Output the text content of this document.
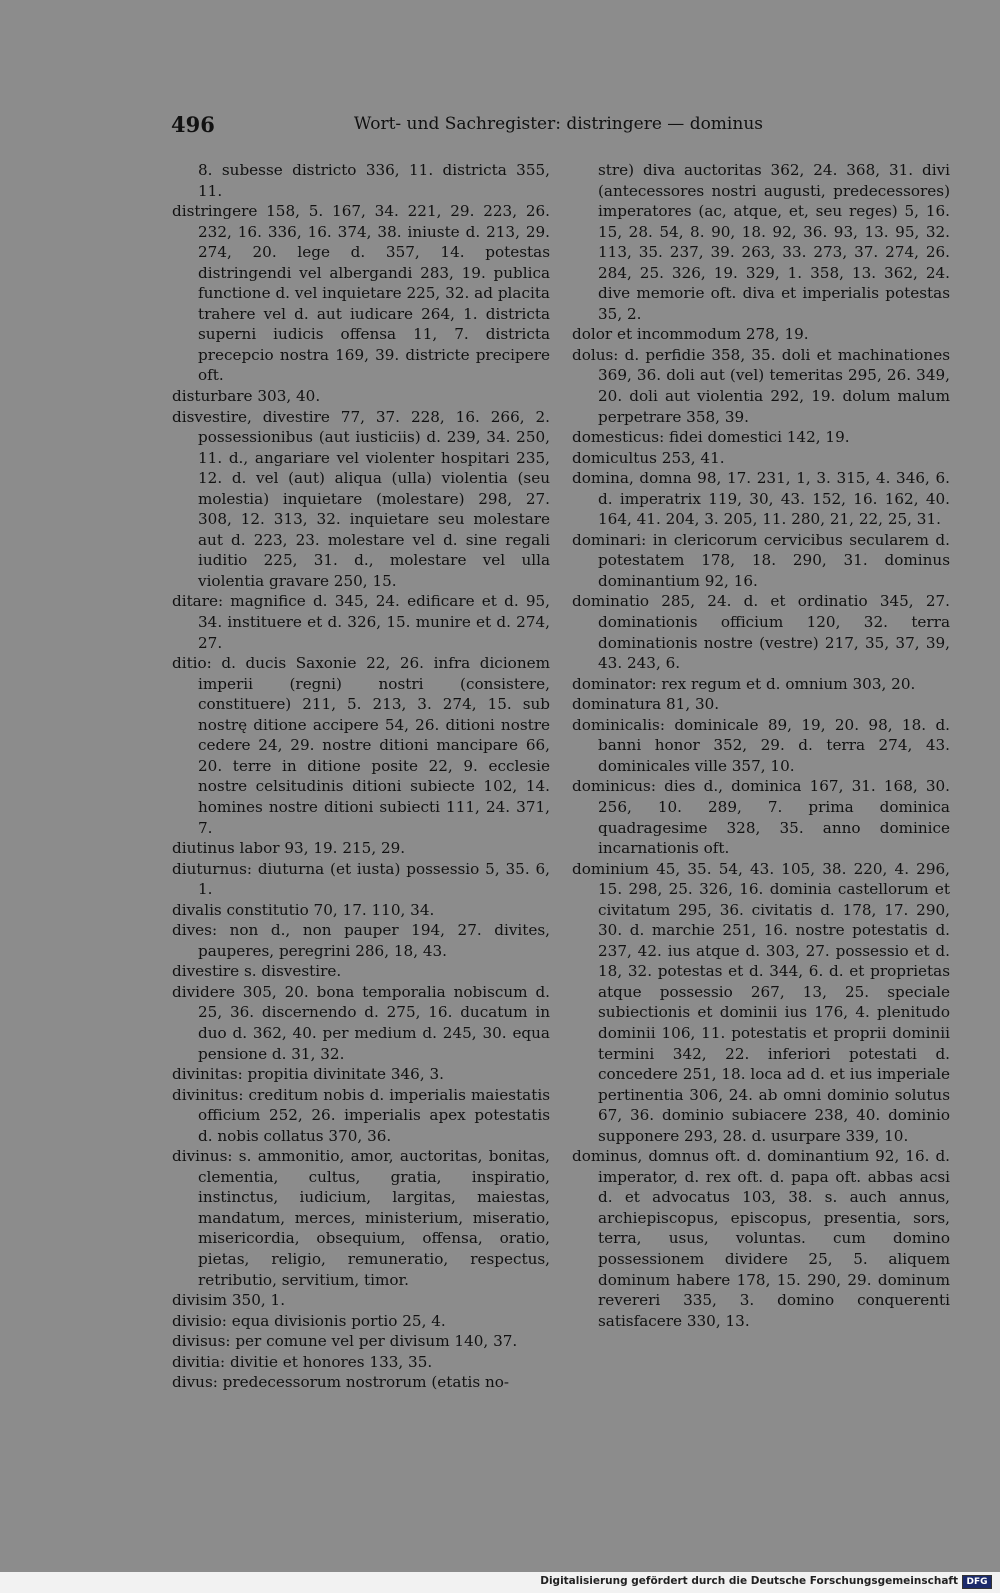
496	Wort- und Sachregister: distringere — dominus

8. subesse districto 336, 11. districta 355, 11.

distringere 158, 5. 167, 34. 221, 29. 223, 26. 232, 16. 336, 16. 374, 38. iniuste d. 213, 29. 274, 20. lege d. 357, 14. potestas distringendi vel albergandi 283, 19. publica functione d. vel inquietare 225, 32. ad placita trahere vel d. aut iudicare 264, 1. districta superni iudicis offensa 11, 7. districta precepcio nostra 169, 39. districte precipere oft.

disturbare 303, 40.

disvestire, divestire 77, 37. 228, 16. 266, 2. possessionibus (aut iusticiis) d. 239, 34. 250, 11. d., angariare vel violenter hospitari 235, 12. d. vel (aut) aliqua (ulla) violentia (seu molestia) inquietare (molestare) 298, 27. 308, 12. 313, 32. inquietare seu molestare aut d. 223, 23. molestare vel d. sine regali iuditio 225, 31. d., molestare vel ulla violentia gravare 250, 15.

ditare: magnifice d. 345, 24. edificare et d. 95, 34. instituere et d. 326, 15. munire et d. 274, 27.

ditio: d. ducis Saxonie 22, 26. infra dicionem imperii (regni) nostri (consistere, constituere) 211, 5. 213, 3. 274, 15. sub nostrę ditione accipere 54, 26. ditioni nostre cedere 24, 29. nostre ditioni mancipare 66, 20. terre in ditione posite 22, 9. ecclesie nostre celsitudinis ditioni subiecte 102, 14. homines nostre ditioni subiecti 111, 24. 371, 7.

diutinus labor 93, 19. 215, 29.

diuturnus: diuturna (et iusta) possessio 5, 35. 6, 1.

divalis constitutio 70, 17. 110, 34.

dives: non d., non pauper 194, 27. divites, pauperes, peregrini 286, 18, 43.

divestire s. disvestire.

dividere 305, 20. bona temporalia nobiscum d. 25, 36. discernendo d. 275, 16. ducatum in duo d. 362, 40. per medium d. 245, 30. equa pensione d. 31, 32.

divinitas: propitia divinitate 346, 3.

divinitus: creditum nobis d. imperialis maiestatis officium 252, 26. imperialis apex potestatis d. nobis collatus 370, 36.

divinus: s. ammonitio, amor, auctoritas, bonitas, clementia, cultus, gratia, inspiratio, instinctus, iudicium, largitas, maiestas, mandatum, merces, ministerium, miseratio, misericordia, obsequium, offensa, oratio, pietas, religio, remuneratio, respectus, retributio, servitium, timor.

divisim 350, 1.

divisio: equa divisionis portio 25, 4.

divisus: per comune vel per divisum 140, 37.

divitia: divitie et honores 133, 35.

divus: predecessorum nostrorum (etatis no-

stre) diva auctoritas 362, 24. 368, 31. divi (antecessores nostri augusti, predecessores) imperatores (ac, atque, et, seu reges) 5, 16. 15, 28. 54, 8. 90, 18. 92, 36. 93, 13. 95, 32. 113, 35. 237, 39. 263, 33. 273, 37. 274, 26. 284, 25. 326, 19. 329, 1. 358, 13. 362, 24. dive memorie oft. diva et imperialis potestas 35, 2.

dolor et incommodum 278, 19.

dolus: d. perfidie 358, 35. doli et machinationes 369, 36. doli aut (vel) temeritas 295, 26. 349, 20. doli aut violentia 292, 19. dolum malum perpetrare 358, 39.

domesticus: fidei domestici 142, 19.

domicultus 253, 41.

domina, domna 98, 17. 231, 1, 3. 315, 4. 346, 6. d. imperatrix 119, 30, 43. 152, 16. 162, 40. 164, 41. 204, 3. 205, 11. 280, 21, 22, 25, 31.

dominari: in clericorum cervicibus secularem d. potestatem 178, 18. 290, 31. dominus dominantium 92, 16.

dominatio 285, 24. d. et ordinatio 345, 27. dominationis officium 120, 32. terra dominationis nostre (vestre) 217, 35, 37, 39, 43. 243, 6.

dominator: rex regum et d. omnium 303, 20.

dominatura 81, 30.

dominicalis: dominicale 89, 19, 20. 98, 18. d. banni honor 352, 29. d. terra 274, 43. dominicales ville 357, 10.

dominicus: dies d., dominica 167, 31. 168, 30. 256, 10. 289, 7. prima dominica quadragesime 328, 35. anno dominice incarnationis oft.

dominium 45, 35. 54, 43. 105, 38. 220, 4. 296, 15. 298, 25. 326, 16. dominia castellorum et civitatum 295, 36. civitatis d. 178, 17. 290, 30. d. marchie 251, 16. nostre potestatis d. 237, 42. ius atque d. 303, 27. possessio et d. 18, 32. potestas et d. 344, 6. d. et proprietas atque possessio 267, 13, 25. speciale subiectionis et dominii ius 176, 4. plenitudo dominii 106, 11. potestatis et proprii dominii termini 342, 22. inferiori potestati d. concedere 251, 18. loca ad d. et ius imperiale pertinentia 306, 24. ab omni dominio solutus 67, 36. dominio subiacere 238, 40. dominio supponere 293, 28. d. usurpare 339, 10.

dominus, domnus oft. d. dominantium 92, 16. d. imperator, d. rex oft. d. papa oft. abbas acsi d. et advocatus 103, 38. s. auch annus, archiepiscopus, episcopus, presentia, sors, terra, usus, voluntas. cum domino possessionem dividere 25, 5. aliquem dominum habere 178, 15. 290, 29. dominum revereri 335, 3. domino conquerenti satisfacere 330, 13.

Digitalisierung gefördert durch die Deutsche Forschungsgemeinschaft DFG
